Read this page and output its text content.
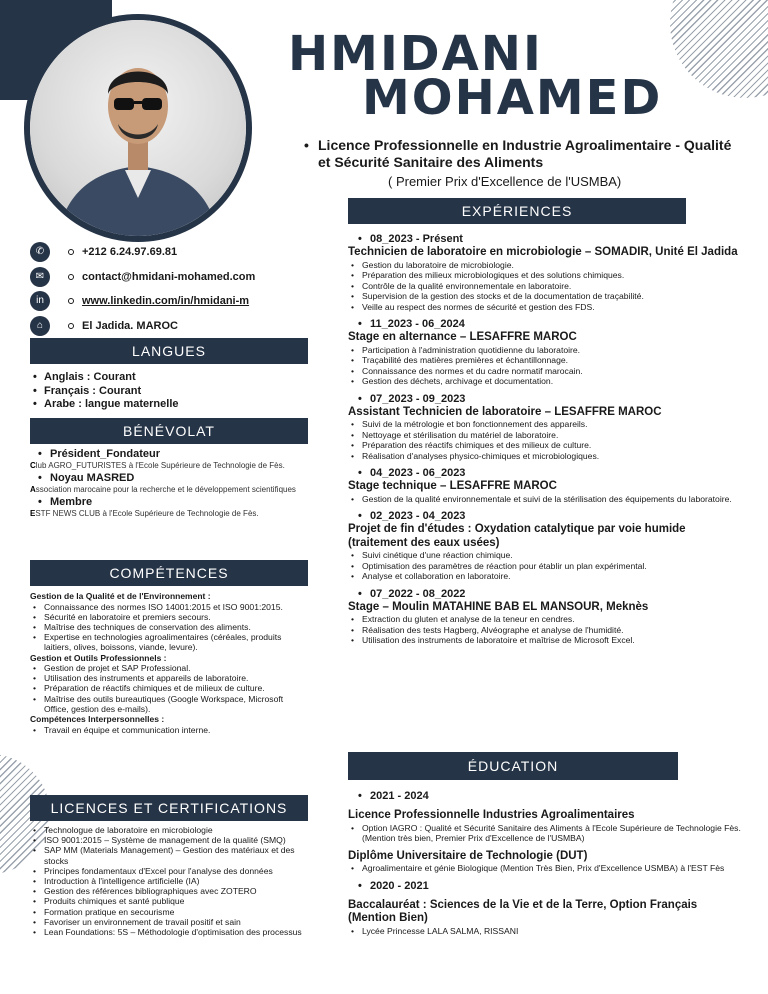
HMIDANI
MOHAMED
• Licence Professionnelle en Industrie Agroalimentaire - Qualité et Sécurité Sanitaire des Aliments
( Premier Prix d'Excellence de l'USMBA)
✆	+212 6.24.97.69.81
✉	contact@hmidani-mohamed.com
in	www.linkedin.com/in/hmidani-m
⌂	El Jadida. MAROC
LANGUES
• Anglais : Courant
• Français : Courant
• Arabe : langue maternelle
BÉNÉVOLAT
• Président_Fondateur
Club AGRO_FUTURISTES à l'Ecole Supérieure de Technologie de Fès.
• Noyau MASRED
Association marocaine pour la recherche et le développement scientifiques
• Membre
ESTF NEWS CLUB à l'Ecole Supérieure de Technologie de Fès.
COMPÉTENCES
Gestion de la Qualité et de l'Environnement :
• Connaissance des normes ISO 14001:2015 et ISO 9001:2015.
• Sécurité en laboratoire et premiers secours.
• Maîtrise des techniques de conservation des aliments.
• Expertise en technologies agroalimentaires (céréales, produits laitiers, olives, boissons, viande, levure).
Gestion et Outils Professionnels :
• Gestion de projet et SAP Professional.
• Utilisation des instruments et appareils de laboratoire.
• Préparation de réactifs chimiques et de milieux de culture.
• Maîtrise des outils bureautiques (Google Workspace, Microsoft Office, gestion des e-mails).
Compétences Interpersonnelles :
• Travail en équipe et communication interne.
LICENCES ET CERTIFICATIONS
• Technologue de laboratoire en microbiologie
• ISO 9001:2015 – Système de management de la qualité (SMQ)
• SAP MM (Materials Management) – Gestion des matériaux et des stocks
• Principes fondamentaux d'Excel pour l'analyse des données
• Introduction à l'intelligence artificielle (IA)
• Gestion des références bibliographiques avec ZOTERO
• Produits chimiques et santé publique
• Formation pratique en secourisme
• Favoriser un environnement de travail positif et sain
• Lean Foundations: 5S – Méthodologie d'optimisation des processus
EXPÉRIENCES
• 08_2023 - Présent
Technicien de laboratoire en microbiologie – SOMADIR, Unité El Jadida
• Gestion du laboratoire de microbiologie.
• Préparation des milieux microbiologiques et des solutions chimiques.
• Contrôle de la qualité environnementale en laboratoire.
• Supervision de la gestion des stocks et de la documentation de traçabilité.
• Veille au respect des normes de sécurité et gestion des FDS.
• 11_2023 - 06_2024
Stage en alternance – LESAFFRE MAROC
• Participation à l'administration quotidienne du laboratoire.
• Traçabilité des matières premières et échantillonnage.
• Connaissance des normes et du cadre normatif marocain.
• Gestion des déchets, archivage et documentation.
• 07_2023 - 09_2023
Assistant Technicien de laboratoire – LESAFFRE MAROC
• Suivi de la métrologie et bon fonctionnement des appareils.
• Nettoyage et stérilisation du matériel de laboratoire.
• Préparation des réactifs chimiques et des milieux de culture.
• Réalisation d'analyses physico-chimiques et microbiologiques.
• 04_2023 - 06_2023
Stage technique – LESAFFRE MAROC
• Gestion de la qualité environnementale et suivi de la stérilisation des équipements du laboratoire.
• 02_2023 - 04_2023
Projet de fin d'études : Oxydation catalytique par voie humide (traitement des eaux usées)
• Suivi cinétique d'une réaction chimique.
• Optimisation des paramètres de réaction pour établir un plan expérimental.
• Analyse et collaboration en laboratoire.
• 07_2022 - 08_2022
Stage – Moulin MATAHINE BAB EL MANSOUR, Meknès
• Extraction du gluten et analyse de la teneur en cendres.
• Réalisation des tests Hagberg, Alvéographe et analyse de l'humidité.
• Utilisation des instruments de laboratoire et maîtrise de Microsoft Excel.
ÉDUCATION
• 2021 - 2024
Licence Professionnelle Industries Agroalimentaires
• Option IAGRO : Qualité et Sécurité Sanitaire des Aliments à l'Ecole Supérieure de Technologie Fès. (Mention très bien, Premier Prix d'Excellence de l'USMBA)
Diplôme Universitaire de Technologie (DUT)
• Agroalimentaire et génie Biologique (Mention Très Bien, Prix d'Excellence USMBA) à l'EST Fès
• 2020 - 2021
Baccalauréat : Sciences de la Vie et de la Terre, Option Français (Mention Bien)
• Lycée Princesse LALA SALMA, RISSANI
